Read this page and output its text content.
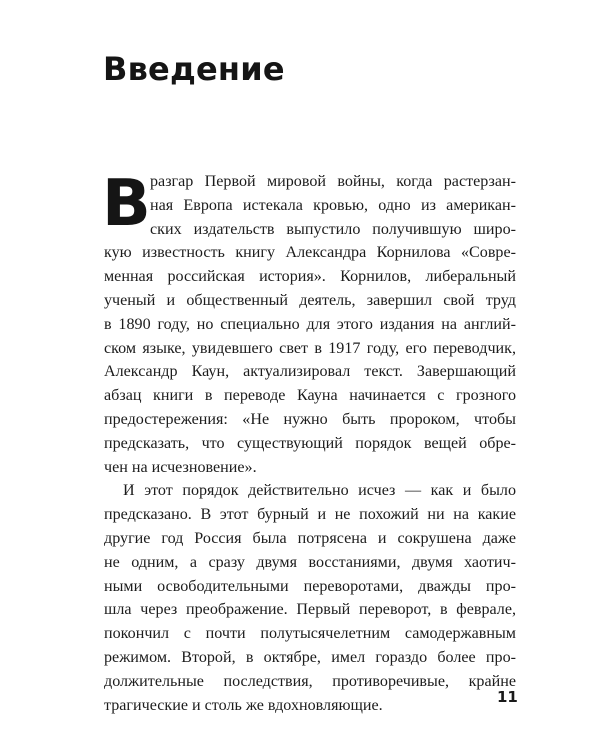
Введение
В разгар Первой мировой войны, когда растерзан-
ная Европа истекала кровью, одно из американ-
ских издательств выпустило получившую широ-
кую известность книгу Александра Корнилова «Совре-
менная российская история». Корнилов, либеральный
ученый и общественный деятель, завершил свой труд
в 1890 году, но специально для этого издания на англий-
ском языке, увидевшего свет в 1917 году, его переводчик,
Александр Каун, актуализировал текст. Завершающий
абзац книги в переводе Кауна начинается с грозного
предостережения: «Не нужно быть пророком, чтобы
предсказать, что существующий порядок вещей обре-
чен на исчезновение».
И этот порядок действительно исчез — как и было
предсказано. В этот бурный и не похожий ни на какие
другие год Россия была потрясена и сокрушена даже
не одним, а сразу двумя восстаниями, двумя хаотич-
ными освободительными переворотами, дважды про-
шла через преображение. Первый переворот, в феврале,
покончил с почти полутысячелетним самодержавным
режимом. Второй, в октябре, имел гораздо более про-
должительные последствия, противоречивые, крайне
трагические и столь же вдохновляющие.	11
